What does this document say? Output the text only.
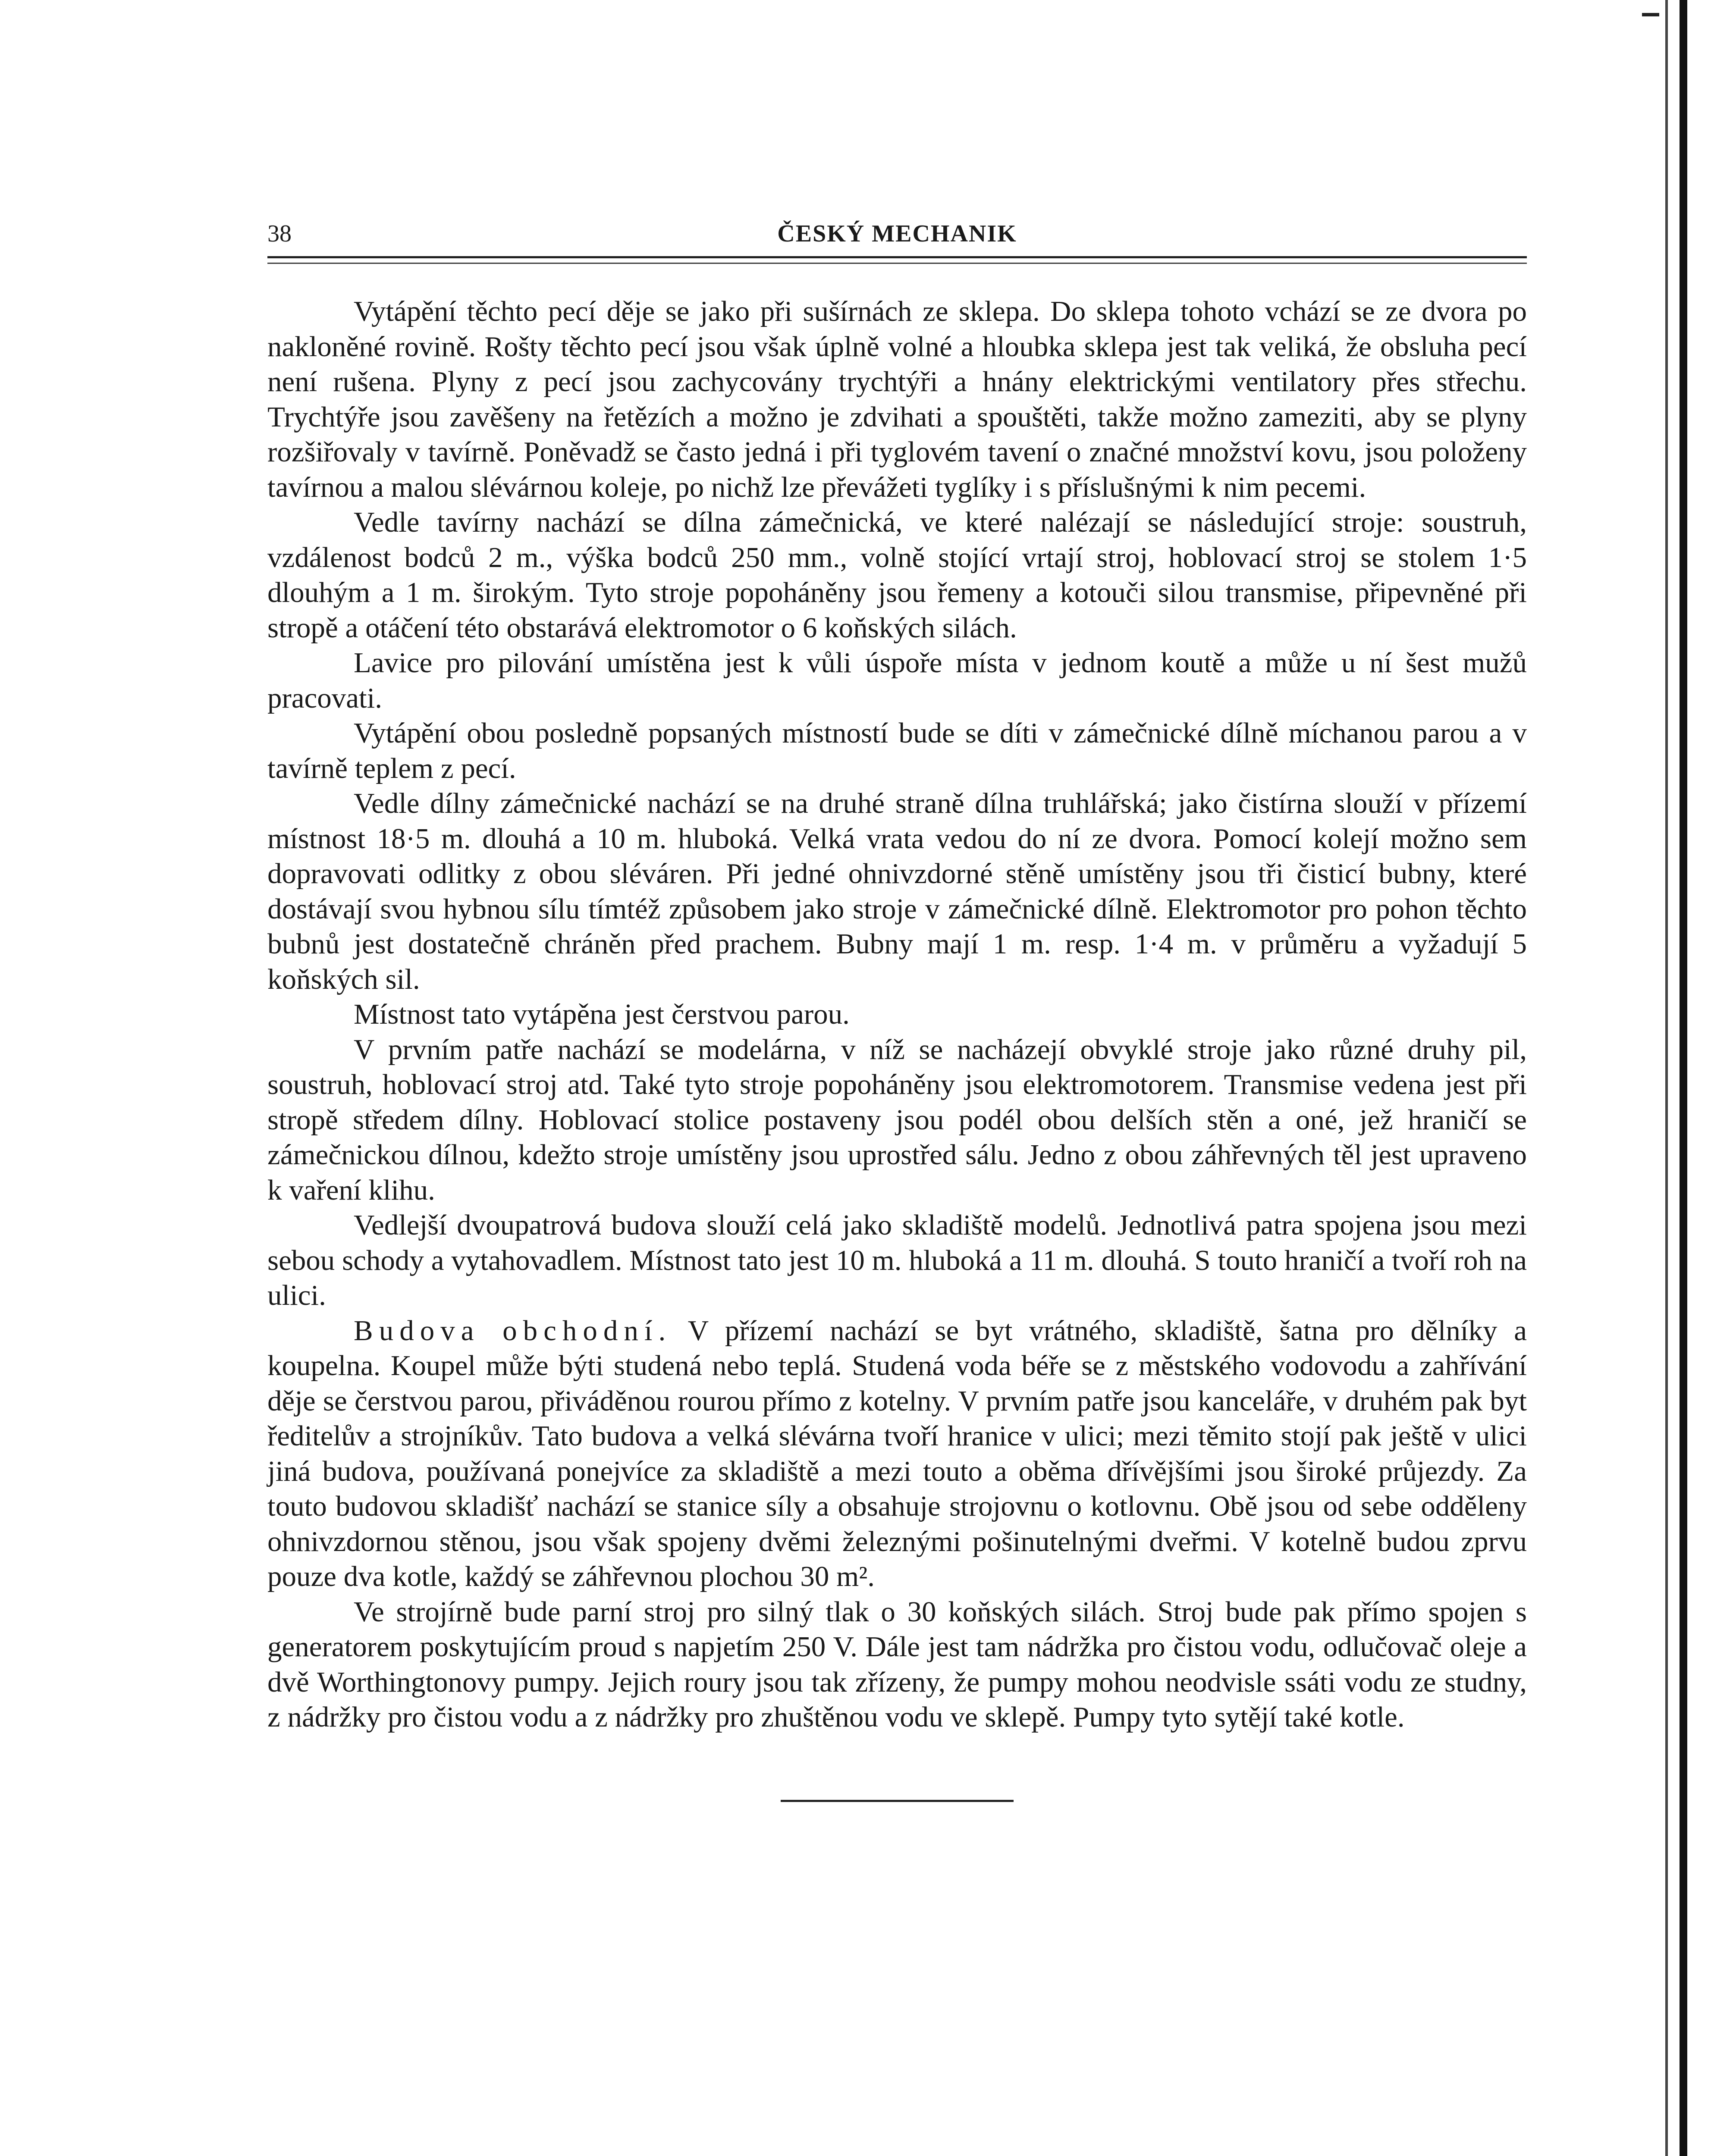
38	ČESKÝ MECHANIK

Vytápění těchto pecí děje se jako při sušírnách ze sklepa. Do sklepa tohoto vchází se ze dvora po nakloněné rovině. Rošty těchto pecí jsou však úplně volné a hloubka sklepa jest tak veliká, že obsluha pecí není rušena. Plyny z pecí jsou zachycovány trychtýři a hnány elektrickými ventilatory přes střechu. Trychtýře jsou zavěšeny na řetězích a možno je zdvihati a spouštěti, takže možno zameziti, aby se plyny rozšiřovaly v tavírně. Poněvadž se často jedná i při tyglovém tavení o značné množství kovu, jsou položeny tavírnou a malou slévárnou koleje, po nichž lze převážeti tyglíky i s příslušnými k nim pecemi.

Vedle tavírny nachází se dílna zámečnická, ve které nalézají se následující stroje: soustruh, vzdálenost bodců 2 m., výška bodců 250 mm., volně stojící vrtají stroj, hoblovací stroj se stolem 1·5 dlouhým a 1 m. širokým. Tyto stroje popoháněny jsou řemeny a kotouči silou transmise, připevněné při stropě a otáčení této obstarává elektromotor o 6 koňských silách.

Lavice pro pilování umístěna jest k vůli úspoře místa v jednom koutě a může u ní šest mužů pracovati.

Vytápění obou posledně popsaných místností bude se díti v zámečnické dílně míchanou parou a v tavírně teplem z pecí.

Vedle dílny zámečnické nachází se na druhé straně dílna truhlářská; jako čistírna slouží v přízemí místnost 18·5 m. dlouhá a 10 m. hluboká. Velká vrata vedou do ní ze dvora. Pomocí kolejí možno sem dopravovati odlitky z obou sléváren. Při jedné ohnivzdorné stěně umístěny jsou tři čisticí bubny, které dostávají svou hybnou sílu tímtéž způsobem jako stroje v zámečnické dílně. Elektromotor pro pohon těchto bubnů jest dostatečně chráněn před prachem. Bubny mají 1 m. resp. 1·4 m. v průměru a vyžadují 5 koňských sil.

Místnost tato vytápěna jest čerstvou parou.

V prvním patře nachází se modelárna, v níž se nacházejí obvyklé stroje jako různé druhy pil, soustruh, hoblovací stroj atd. Také tyto stroje popoháněny jsou elektromotorem. Transmise vedena jest při stropě středem dílny. Hoblovací stolice postaveny jsou podél obou delších stěn a oné, jež hraničí se zámečnickou dílnou, kdežto stroje umístěny jsou uprostřed sálu. Jedno z obou záhřevných těl jest upraveno k vaření klihu.

Vedlejší dvoupatrová budova slouží celá jako skladiště modelů. Jednotlivá patra spojena jsou mezi sebou schody a vytahovadlem. Místnost tato jest 10 m. hluboká a 11 m. dlouhá. S touto hraničí a tvoří roh na ulici.

Budova obchodní. V přízemí nachází se byt vrátného, skladiště, šatna pro dělníky a koupelna. Koupel může býti studená nebo teplá. Studená voda béře se z městského vodovodu a zahřívání děje se čerstvou parou, přiváděnou rourou přímo z kotelny. V prvním patře jsou kanceláře, v druhém pak byt ředitelův a strojníkův. Tato budova a velká slévárna tvoří hranice v ulici; mezi těmito stojí pak ještě v ulici jiná budova, používaná ponejvíce za skladiště a mezi touto a oběma dřívějšími jsou široké průjezdy. Za touto budovou skladišť nachází se stanice síly a obsahuje strojovnu o kotlovnu. Obě jsou od sebe odděleny ohnivzdornou stěnou, jsou však spojeny dvěmi železnými pošinutelnými dveřmi. V kotelně budou zprvu pouze dva kotle, každý se záhřevnou plochou 30 m².

Ve strojírně bude parní stroj pro silný tlak o 30 koňských silách. Stroj bude pak přímo spojen s generatorem poskytujícím proud s napjetím 250 V. Dále jest tam nádržka pro čistou vodu, odlučovač oleje a dvě Worthingtonovy pumpy. Jejich roury jsou tak zřízeny, že pumpy mohou neodvisle ssáti vodu ze studny, z nádržky pro čistou vodu a z nádržky pro zhuštěnou vodu ve sklepě. Pumpy tyto sytějí také kotle.
